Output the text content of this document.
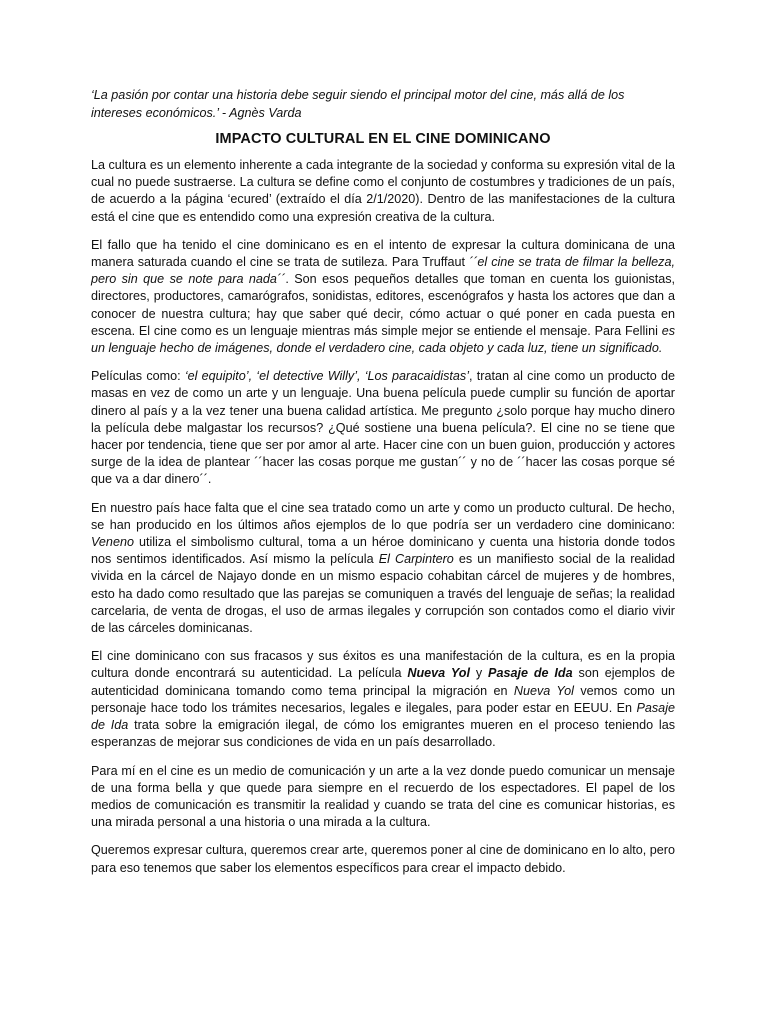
‘La pasión por contar una historia debe seguir siendo el principal motor del cine, más allá de los intereses económicos.’ - Agnès Varda

IMPACTO CULTURAL EN EL CINE DOMINICANO

La cultura es un elemento inherente a cada integrante de la sociedad y conforma su expresión vital de la cual no puede sustraerse. La cultura se define como el conjunto de costumbres y tradiciones de un país, de acuerdo a la página ‘ecured’ (extraído el día 2/1/2020). Dentro de las manifestaciones de la cultura está el cine que es entendido como una expresión creativa de la cultura.

El fallo que ha tenido el cine dominicano es en el intento de expresar la cultura dominicana de una manera saturada cuando el cine se trata de sutileza. Para Truffaut ´´el cine se trata de filmar la belleza, pero sin que se note para nada´´. Son esos pequeños detalles que toman en cuenta los guionistas, directores, productores, camarógrafos, sonidistas, editores, escenógrafos y hasta los actores que dan a conocer de nuestra cultura; hay que saber qué decir, cómo actuar o qué poner en cada puesta en escena. El cine como es un lenguaje mientras más simple mejor se entiende el mensaje. Para Fellini es un lenguaje hecho de imágenes, donde el verdadero cine, cada objeto y cada luz, tiene un significado.

Películas como: ‘el equipito’, ‘el detective Willy’, ‘Los paracaidistas’, tratan al cine como un producto de masas en vez de como un arte y un lenguaje. Una buena película puede cumplir su función de aportar dinero al país y a la vez tener una buena calidad artística. Me pregunto ¿solo porque hay mucho dinero la película debe malgastar los recursos? ¿Qué sostiene una buena película?. El cine no se tiene que hacer por tendencia, tiene que ser por amor al arte. Hacer cine con un buen guion, producción y actores surge de la idea de plantear ´´hacer las cosas porque me gustan´´ y no de ´´hacer las cosas porque sé que va a dar dinero´´.

En nuestro país hace falta que el cine sea tratado como un arte y como un producto cultural. De hecho, se han producido en los últimos años ejemplos de lo que podría ser un verdadero cine dominicano: Veneno utiliza el simbolismo cultural, toma a un héroe dominicano y cuenta una historia donde todos nos sentimos identificados. Así mismo la película El Carpintero es un manifiesto social de la realidad vivida en la cárcel de Najayo donde en un mismo espacio cohabitan cárcel de mujeres y de hombres, esto ha dado como resultado que las parejas se comuniquen a través del lenguaje de señas; la realidad carcelaria, de venta de drogas, el uso de armas ilegales y corrupción son contados como el diario vivir de las cárceles dominicanas.

El cine dominicano con sus fracasos y sus éxitos es una manifestación de la cultura, es en la propia cultura donde encontrará su autenticidad. La película Nueva Yol y Pasaje de Ida son ejemplos de autenticidad dominicana tomando como tema principal la migración en Nueva Yol vemos como un personaje hace todo los trámites necesarios, legales e ilegales, para poder estar en EEUU. En Pasaje de Ida trata sobre la emigración ilegal, de cómo los emigrantes mueren en el proceso teniendo las esperanzas de mejorar sus condiciones de vida en un país desarrollado.

Para mí en el cine es un medio de comunicación y un arte a la vez donde puedo comunicar un mensaje de una forma bella y que quede para siempre en el recuerdo de los espectadores. El papel de los medios de comunicación es transmitir la realidad y cuando se trata del cine es comunicar historias, es una mirada personal a una historia o una mirada a la cultura.

Queremos expresar cultura, queremos crear arte, queremos poner al cine de dominicano en lo alto, pero para eso tenemos que saber los elementos específicos para crear el impacto debido.
